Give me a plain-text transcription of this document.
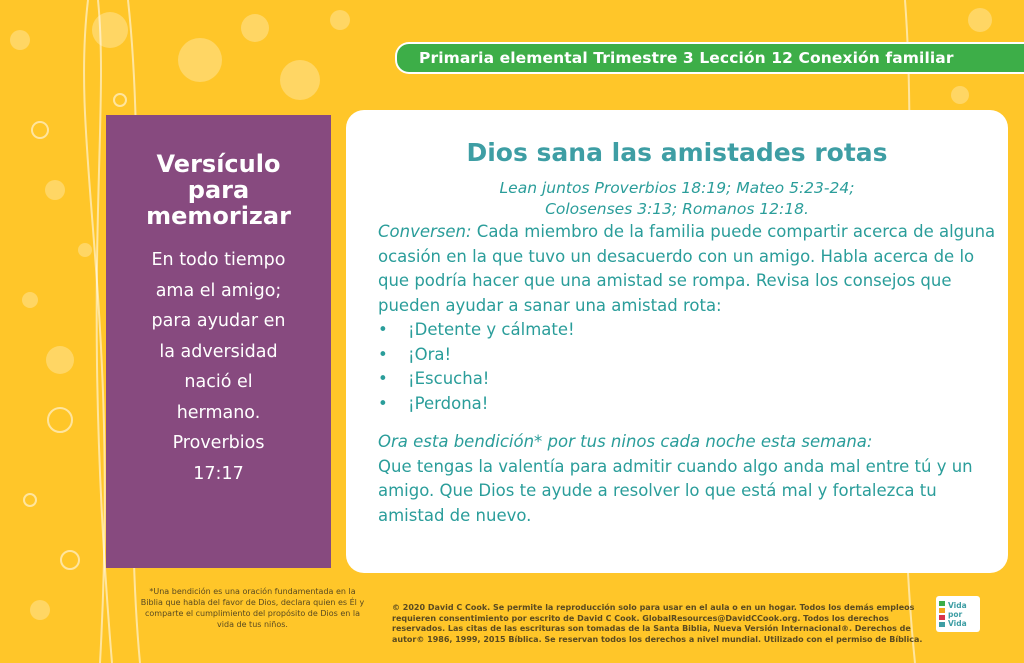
Primaria elemental Trimestre 3 Lección 12 Conexión familiar
Versículo
para
memorizar
En todo tiempo
ama el amigo;
para ayudar en
la adversidad
nació el
hermano.
Proverbios
17:17
Dios sana las amistades rotas
Lean juntos Proverbios 18:19; Mateo 5:23-24;
Colosenses 3:13; Romanos 12:18.

Conversen: Cada miembro de la familia puede compartir acerca de alguna ocasión en la que tuvo un desacuerdo con un amigo. Habla acerca de lo que podría hacer que una amistad se rompa. Revisa los consejos que pueden ayudar a sanar una amistad rota:

•	¡Detente y cálmate!
•	¡Ora!
•	¡Escucha!
•	¡Perdona!

Ora esta bendición* por tus ninos cada noche esta semana:

Que tengas la valentía para admitir cuando algo anda mal entre tú y un amigo. Que Dios te ayude a resolver lo que está mal y fortalezca tu amistad de nuevo.

*Una bendición es una oración fundamentada en la Biblia que habla del favor de Dios, declara quien es Él y comparte el cumplimiento del propósito de Dios en la vida de tus niños.
© 2020 David C Cook. Se permite la reproducción solo para usar en el aula o en un hogar. Todos los demás empleos requieren consentimiento por escrito de David C Cook. GlobalResources@DavidCCook.org. Todos los derechos reservados. Las citas de las escrituras son tomadas de la Santa Biblia, Nueva Versión Internacional®. Derechos de autor© 1986, 1999, 2015 Bíblica. Se reservan todos los derechos a nivel mundial. Utilizado con el permiso de Bíblica.
Vida
por
Vida
